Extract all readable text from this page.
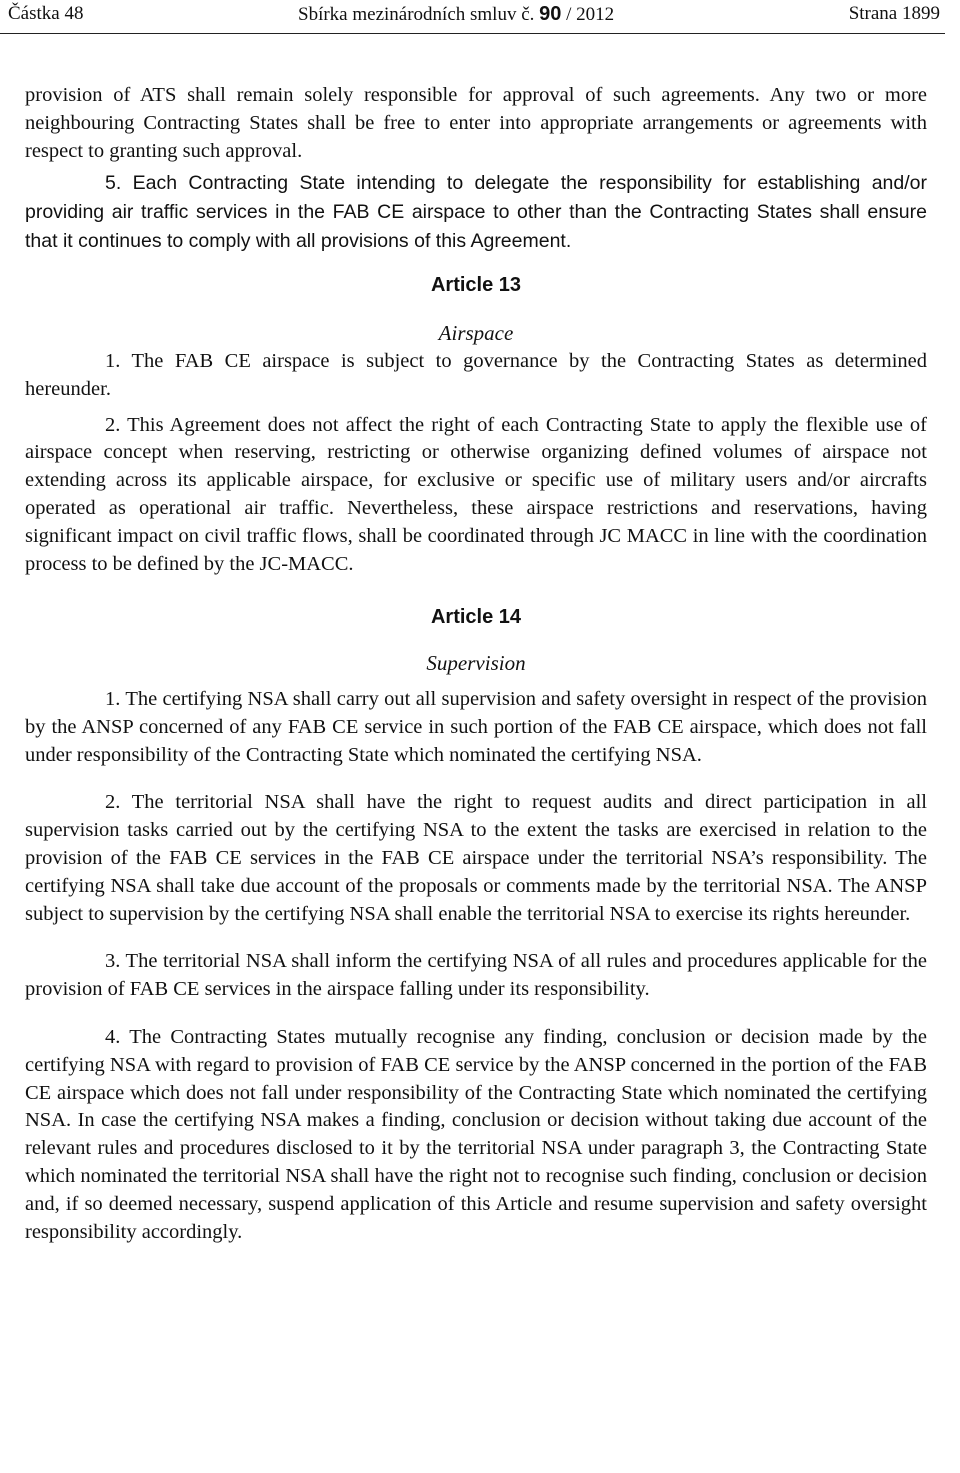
Částka 48	Sbírka mezinárodních smluv č. 90 / 2012	Strana 1899

provision of ATS shall remain solely responsible for approval of such agreements. Any two or more neighbouring Contracting States shall be free to enter into appropriate arrangements or agreements with respect to granting such approval.

5. Each Contracting State intending to delegate the responsibility for establishing and/or providing air traffic services in the FAB CE airspace to other than the Contracting States shall ensure that it continues to comply with all provisions of this Agreement.

Article 13

Airspace

1. The FAB CE airspace is subject to governance by the Contracting States as determined hereunder.

2. This Agreement does not affect the right of each Contracting State to apply the flexible use of airspace concept when reserving, restricting or otherwise organizing defined volumes of airspace not extending across its applicable airspace, for exclusive or specific use of military users and/or aircrafts operated as operational air traffic. Nevertheless, these airspace restrictions and reservations, having significant impact on civil traffic flows, shall be coordinated through JC MACC in line with the coordination process to be defined by the JC-MACC.

Article 14

Supervision

1. The certifying NSA shall carry out all supervision and safety oversight in respect of the provision by the ANSP concerned of any FAB CE service in such portion of the FAB CE airspace, which does not fall under responsibility of the Contracting State which nominated the certifying NSA.

2. The territorial NSA shall have the right to request audits and direct participation in all supervision tasks carried out by the certifying NSA to the extent the tasks are exercised in relation to the provision of the FAB CE services in the FAB CE airspace under the territorial NSA’s responsibility. The certifying NSA shall take due account of the proposals or comments made by the territorial NSA. The ANSP subject to supervision by the certifying NSA shall enable the territorial NSA to exercise its rights hereunder.

3. The territorial NSA shall inform the certifying NSA of all rules and procedures applicable for the provision of FAB CE services in the airspace falling under its responsibility.

4. The Contracting States mutually recognise any finding, conclusion or decision made by the certifying NSA with regard to provision of FAB CE service by the ANSP concerned in the portion of the FAB CE airspace which does not fall under responsibility of the Contracting State which nominated the certifying NSA. In case the certifying NSA makes a finding, conclusion or decision without taking due account of the relevant rules and procedures disclosed to it by the territorial NSA under paragraph 3, the Contracting State which nominated the territorial NSA shall have the right not to recognise such finding, conclusion or decision and, if so deemed necessary, suspend application of this Article and resume supervision and safety oversight responsibility accordingly.
